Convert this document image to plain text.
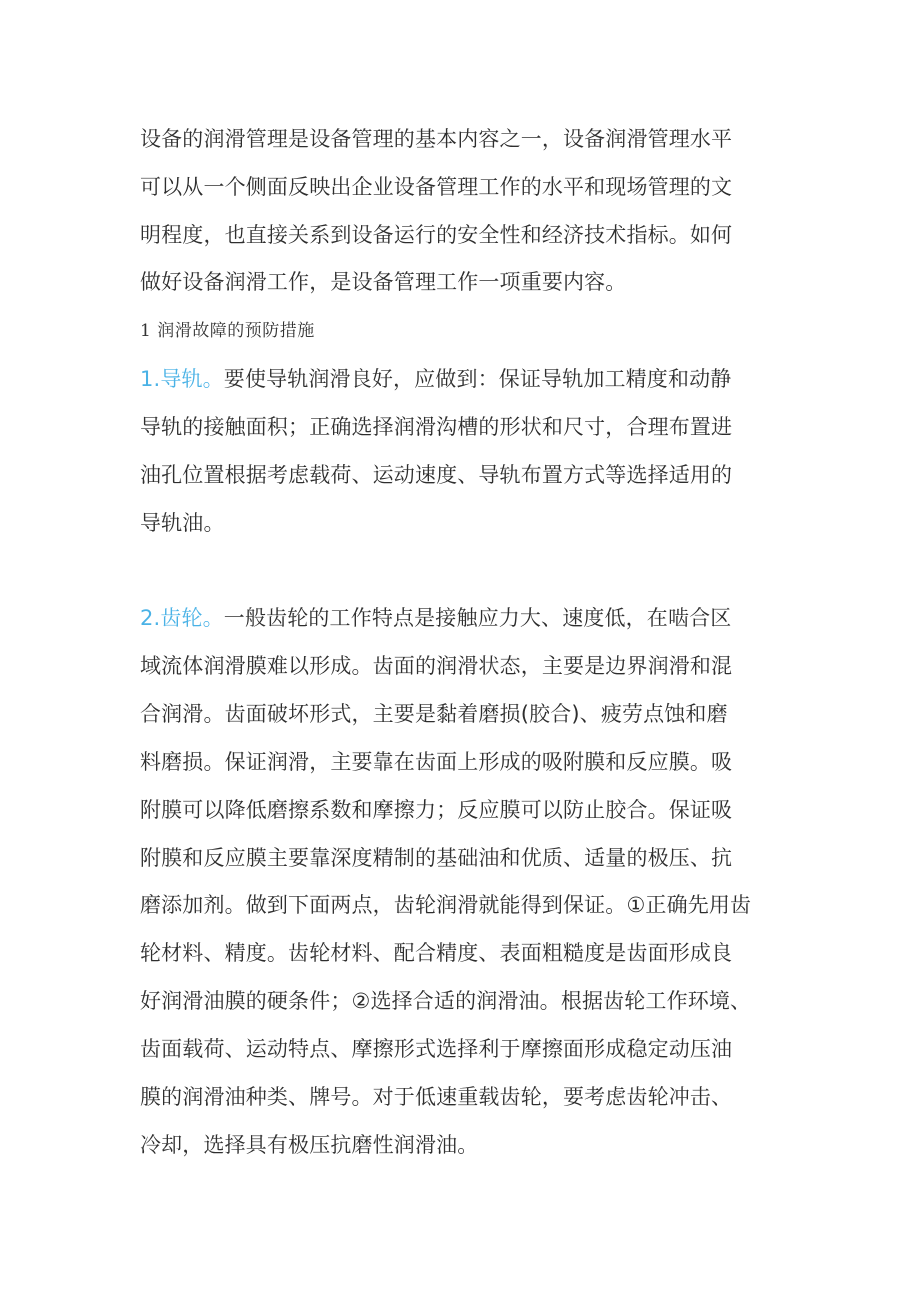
设备的润滑管理是设备管理的基本内容之一，设备润滑管理水平
可以从一个侧面反映出企业设备管理工作的水平和现场管理的文
明程度，也直接关系到设备运行的安全性和经济技术指标。如何
做好设备润滑工作，是设备管理工作一项重要内容。
1 润滑故障的预防措施
1.导轨。要使导轨润滑良好，应做到：保证导轨加工精度和动静
导轨的接触面积；正确选择润滑沟槽的形状和尺寸，合理布置进
油孔位置根据考虑载荷、运动速度、导轨布置方式等选择适用的
导轨油。
2.齿轮。一般齿轮的工作特点是接触应力大、速度低，在啮合区
域流体润滑膜难以形成。齿面的润滑状态，主要是边界润滑和混
合润滑。齿面破坏形式，主要是黏着磨损(胶合)、疲劳点蚀和磨
料磨损。保证润滑，主要靠在齿面上形成的吸附膜和反应膜。吸
附膜可以降低磨擦系数和摩擦力；反应膜可以防止胶合。保证吸
附膜和反应膜主要靠深度精制的基础油和优质、适量的极压、抗
磨添加剂。做到下面两点，齿轮润滑就能得到保证。①正确先用齿
轮材料、精度。齿轮材料、配合精度、表面粗糙度是齿面形成良
好润滑油膜的硬条件；②选择合适的润滑油。根据齿轮工作环境、
齿面载荷、运动特点、摩擦形式选择利于摩擦面形成稳定动压油
膜的润滑油种类、牌号。对于低速重载齿轮，要考虑齿轮冲击、
冷却，选择具有极压抗磨性润滑油。
